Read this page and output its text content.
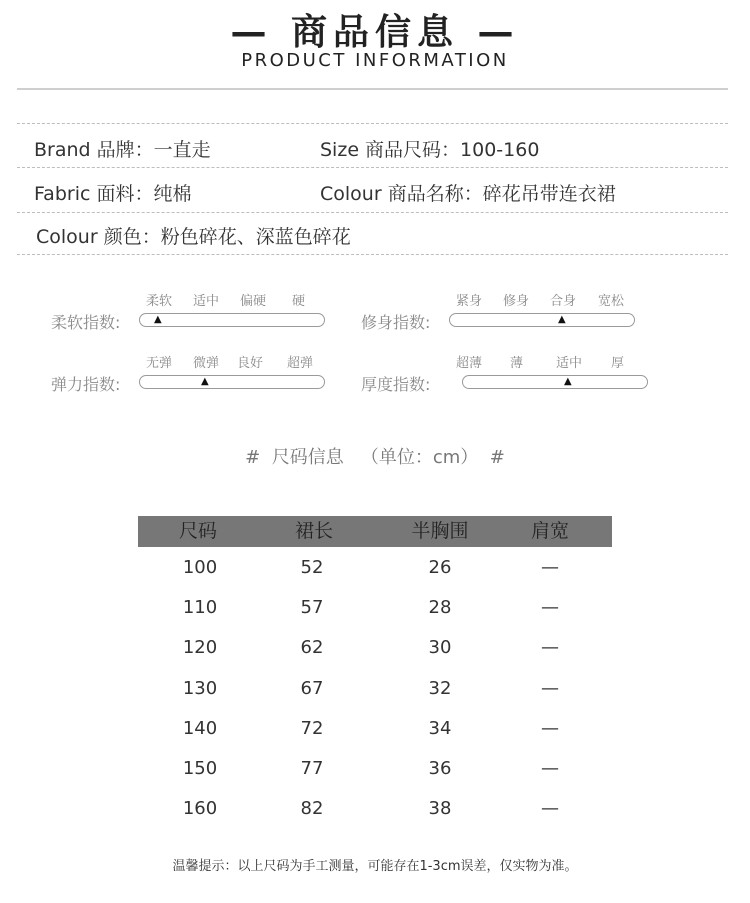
— 商品信息 —
PRODUCT INFORMATION
Brand 品牌：一直走	Size 商品尺码：100-160
Fabric 面料：纯棉	Colour 商品名称：碎花吊带连衣裙
Colour 颜色：粉色碎花、深蓝色碎花
柔软指数:
柔软 适中 偏硬 硬
▲	修身指数:
紧身 修身 合身 宽松
▲
弹力指数:
无弹 微弹 良好 超弹
▲	厚度指数:
超薄 薄	适中 厚
▲
#  尺码信息   （单位：cm）  #
尺码	裙长	半胸围	肩宽
100	52	26	—
110	57	28	—
120	62	30	—
130	67	32	—
140	72	34	—
150	77	36	—
160	82	38	—
温馨提示：以上尺码为手工测量，可能存在1-3cm误差，仅实物为准。
